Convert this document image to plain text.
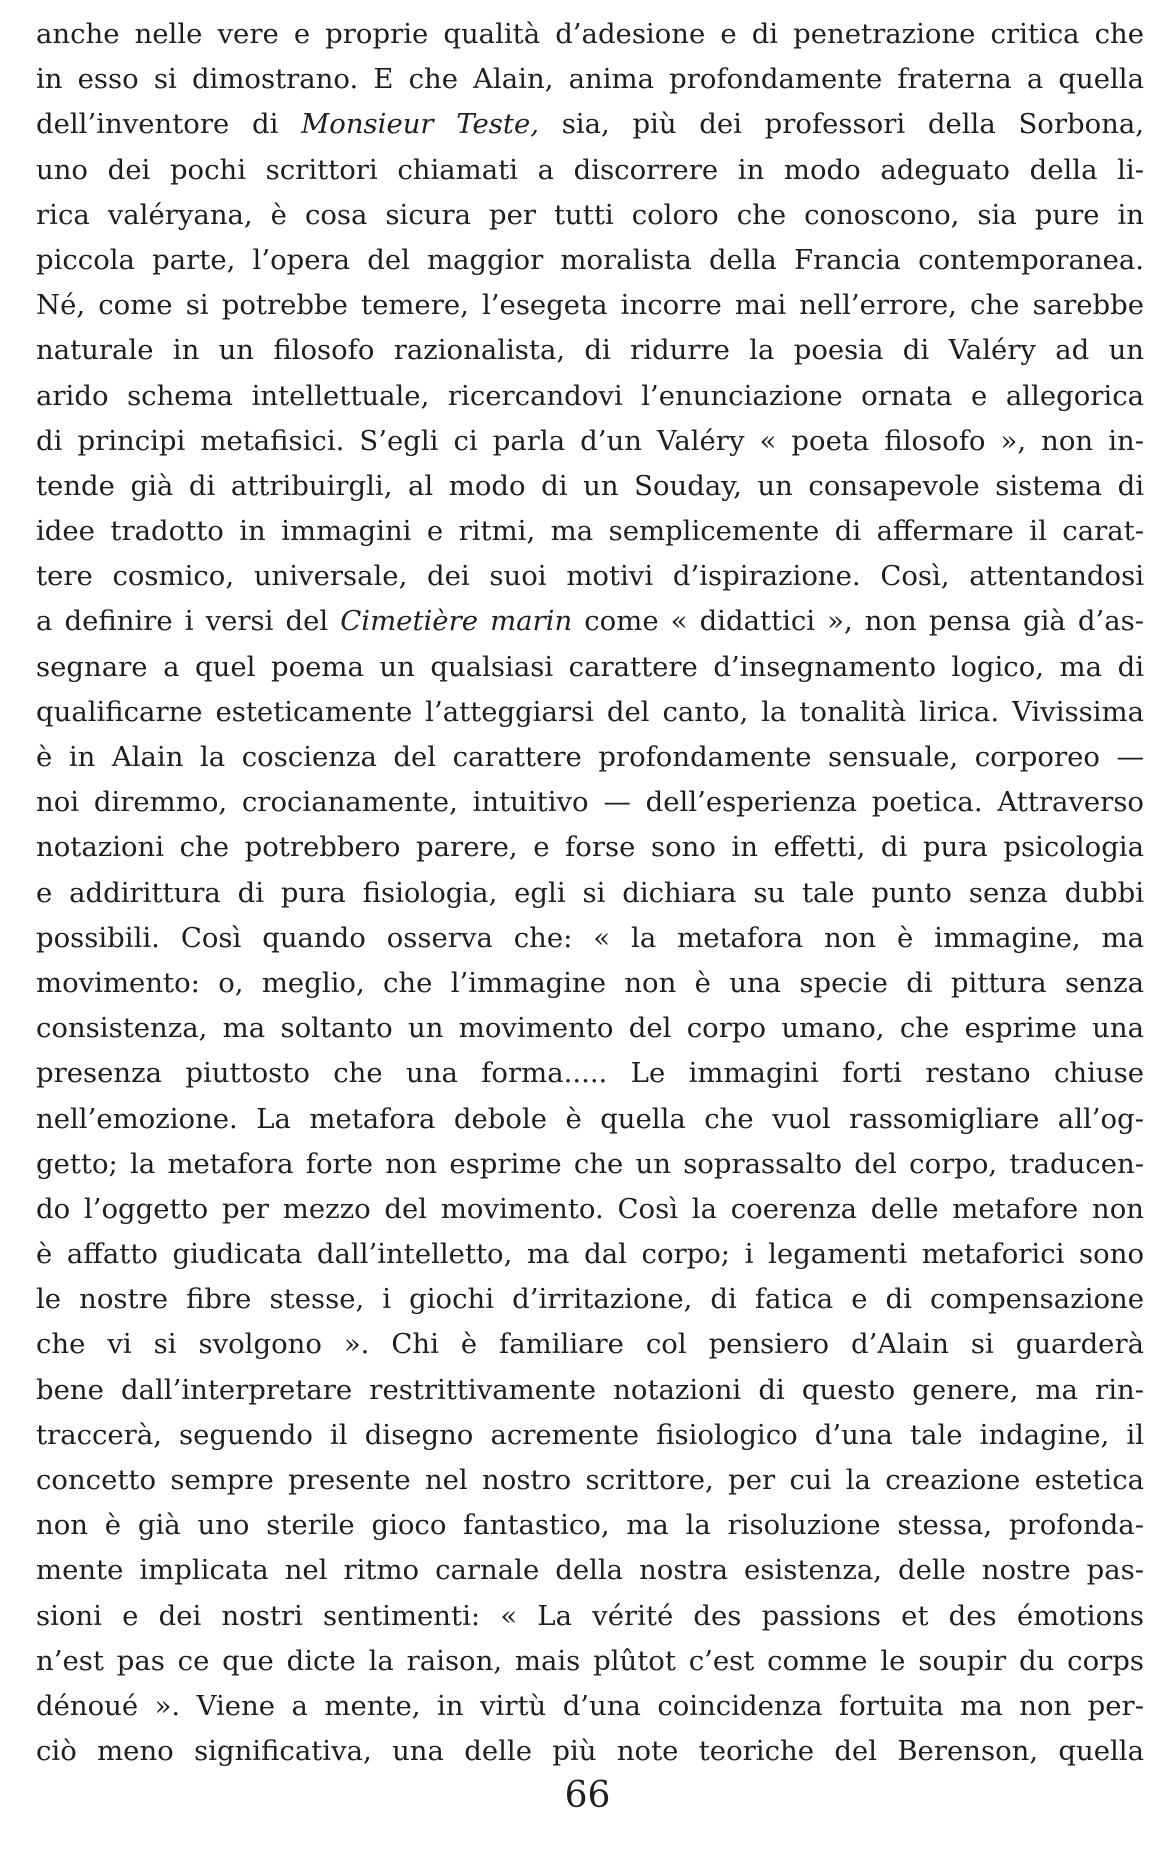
anche nelle vere e proprie qualità d’adesione e di penetrazione critica che
in esso si dimostrano. E che Alain, anima profondamente fraterna a quella
dell’inventore di Monsieur Teste, sia, più dei professori della Sorbona,
uno dei pochi scrittori chiamati a discorrere in modo adeguato della li-
rica valéryana, è cosa sicura per tutti coloro che conoscono, sia pure in
piccola parte, l’opera del maggior moralista della Francia contemporanea.
Né, come si potrebbe temere, l’esegeta incorre mai nell’errore, che sarebbe
naturale in un filosofo razionalista, di ridurre la poesia di Valéry ad un
arido schema intellettuale, ricercandovi l’enunciazione ornata e allegorica
di principi metafisici. S’egli ci parla d’un Valéry « poeta filosofo », non in-
tende già di attribuirgli, al modo di un Souday, un consapevole sistema di
idee tradotto in immagini e ritmi, ma semplicemente di affermare il carat-
tere cosmico, universale, dei suoi motivi d’ispirazione. Così, attentandosi
a definire i versi del Cimetière marin come « didattici », non pensa già d’as-
segnare a quel poema un qualsiasi carattere d’insegnamento logico, ma di
qualificarne esteticamente l’atteggiarsi del canto, la tonalità lirica. Vivissima
è in Alain la coscienza del carattere profondamente sensuale, corporeo —
noi diremmo, crocianamente, intuitivo — dell’esperienza poetica. Attraverso
notazioni che potrebbero parere, e forse sono in effetti, di pura psicologia
e addirittura di pura fisiologia, egli si dichiara su tale punto senza dubbi
possibili. Così quando osserva che: « la metafora non è immagine, ma
movimento: o, meglio, che l’immagine non è una specie di pittura senza
consistenza, ma soltanto un movimento del corpo umano, che esprime una
presenza piuttosto che una forma..... Le immagini forti restano chiuse
nell’emozione. La metafora debole è quella che vuol rassomigliare all’og-
getto; la metafora forte non esprime che un soprassalto del corpo, traducen-
do l’oggetto per mezzo del movimento. Così la coerenza delle metafore non
è affatto giudicata dall’intelletto, ma dal corpo; i legamenti metaforici sono
le nostre fibre stesse, i giochi d’irritazione, di fatica e di compensazione
che vi si svolgono ». Chi è familiare col pensiero d’Alain si guarderà
bene dall’interpretare restrittivamente notazioni di questo genere, ma rin-
traccerà, seguendo il disegno acremente fisiologico d’una tale indagine, il
concetto sempre presente nel nostro scrittore, per cui la creazione estetica
non è già uno sterile gioco fantastico, ma la risoluzione stessa, profonda-
mente implicata nel ritmo carnale della nostra esistenza, delle nostre pas-
sioni e dei nostri sentimenti: « La vérité des passions et des émotions
n’est pas ce que dicte la raison, mais plûtot c’est comme le soupir du corps
dénoué ». Viene a mente, in virtù d’una coincidenza fortuita ma non per-
ciò meno significativa, una delle più note teoriche del Berenson, quella
66
